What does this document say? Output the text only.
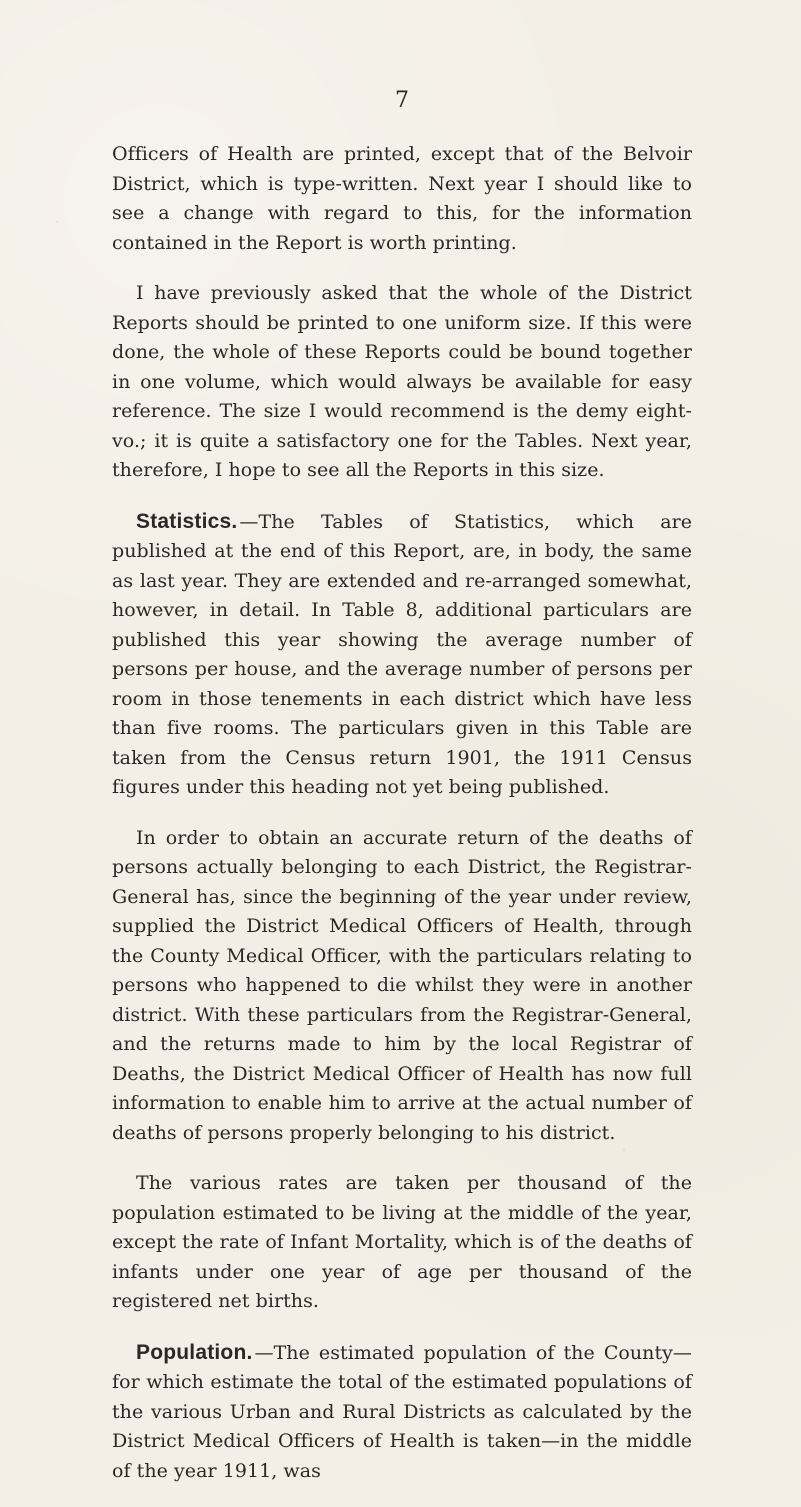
7

Officers of Health are printed, except that of the Belvoir District, which is type-written. Next year I should like to see a change with regard to this, for the information contained in the Report is worth printing.

I have previously asked that the whole of the District Reports should be printed to one uniform size. If this were done, the whole of these Reports could be bound together in one volume, which would always be available for easy reference. The size I would recommend is the demy eight-vo.; it is quite a satisfactory one for the Tables. Next year, therefore, I hope to see all the Reports in this size.

Statistics. —The Tables of Statistics, which are published at the end of this Report, are, in body, the same as last year. They are extended and re-arranged somewhat, however, in detail. In Table 8, additional particulars are published this year showing the average number of persons per house, and the average number of persons per room in those tenements in each district which have less than five rooms. The particulars given in this Table are taken from the Census return 1901, the 1911 Census figures under this heading not yet being published.

In order to obtain an accurate return of the deaths of persons actually belonging to each District, the Registrar-General has, since the beginning of the year under review, supplied the District Medical Officers of Health, through the County Medical Officer, with the particulars relating to persons who happened to die whilst they were in another district. With these particulars from the Registrar-General, and the returns made to him by the local Registrar of Deaths, the District Medical Officer of Health has now full information to enable him to arrive at the actual number of deaths of persons properly belonging to his district.

The various rates are taken per thousand of the population estimated to be living at the middle of the year, except the rate of Infant Mortality, which is of the deaths of infants under one year of age per thousand of the registered net births.

Population. —The estimated population of the County—for which estimate the total of the estimated populations of the various Urban and Rural Districts as calculated by the District Medical Officers of Health is taken—in the middle of the year 1911, was
